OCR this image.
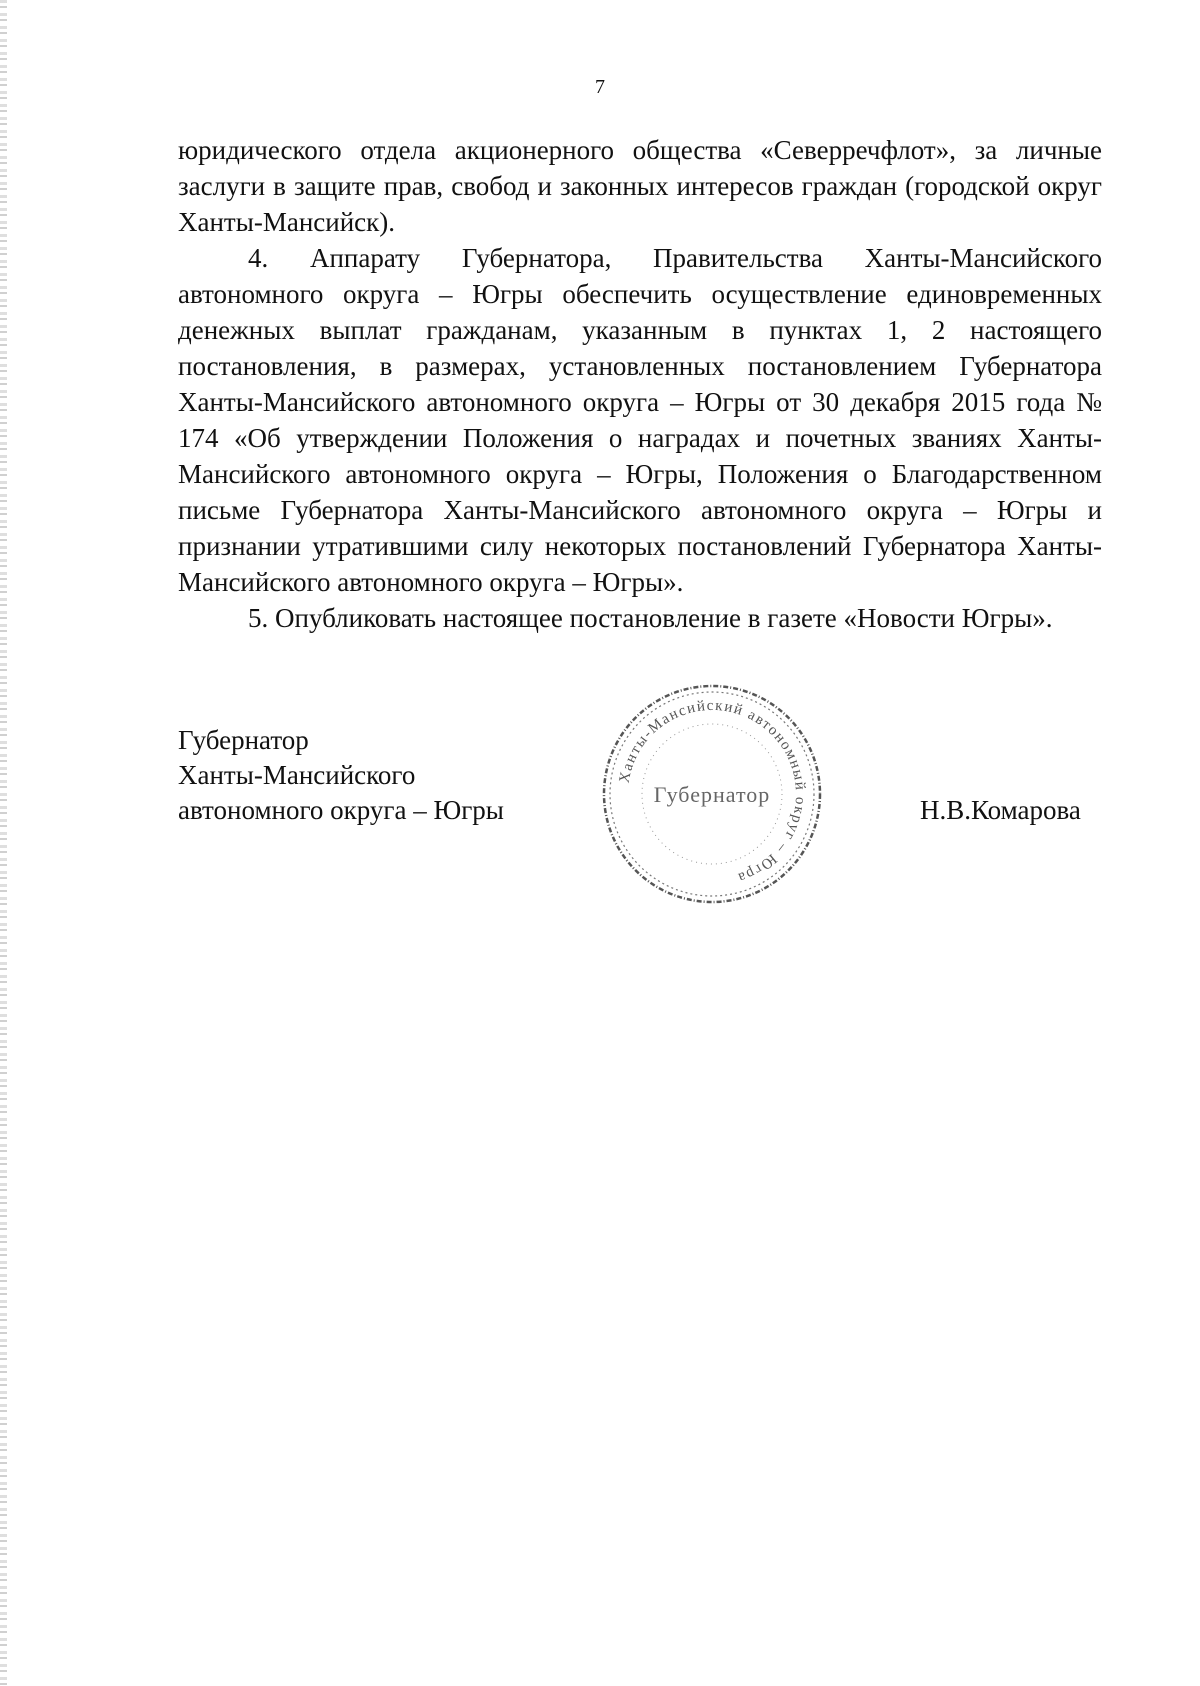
7

юридического отдела акционерного общества «Северречфлот», за личные заслуги в защите прав, свобод и законных интересов граждан (городской округ Ханты-Мансийск).

4. Аппарату Губернатора, Правительства Ханты-Мансийского автономного округа – Югры обеспечить осуществление единовременных денежных выплат гражданам, указанным в пунктах 1, 2 настоящего постановления, в размерах, установленных постановлением Губернатора Ханты-Мансийского автономного округа – Югры от 30 декабря 2015 года № 174 «Об утверждении Положения о наградах и почетных званиях Ханты-Мансийского автономного округа – Югры, Положения о Благодарственном письме Губернатора Ханты-Мансийского автономного округа – Югры и признании утратившими силу некоторых постановлений Губернатора Ханты-Мансийского автономного округа – Югры».

5. Опубликовать настоящее постановление в газете «Новости Югры».

Губернатор
Ханты-Мансийского
автономного округа – Югры
Ханты-Мансийский автономный округ – Югра
Губернатор
Н.В.Комарова
